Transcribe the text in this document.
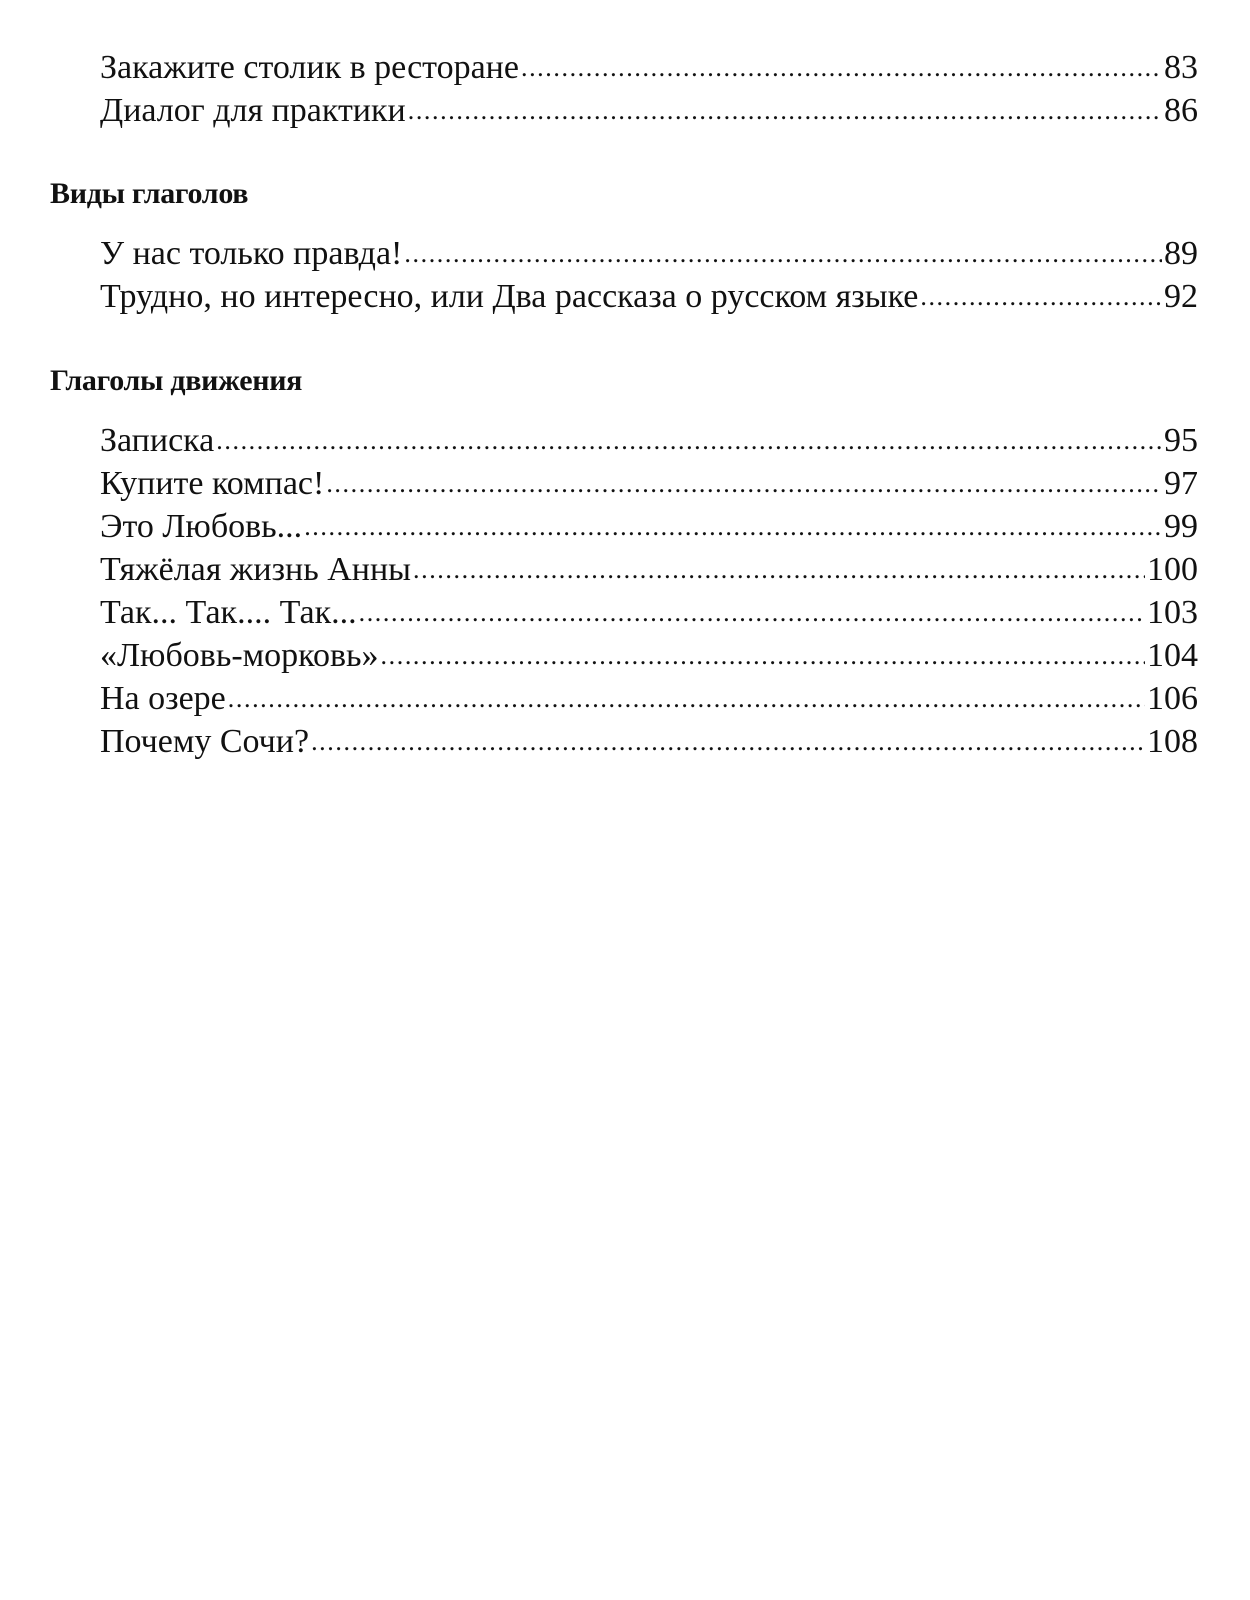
Закажите столик в ресторане .....	83
Диалог для практики .....	86
Виды глаголов
У нас только правда! .....	89
Трудно, но интересно, или Два рассказа о русском языке .....	92
Глаголы движения
Записка .....	95
Купите компас! .....	97
Это Любовь... .....	99
Тяжёлая жизнь Анны .....	100
Так... Так.... Так... .....	103
«Любовь-морковь» .....	104
На озере .....	106
Почему Сочи? .....	108
